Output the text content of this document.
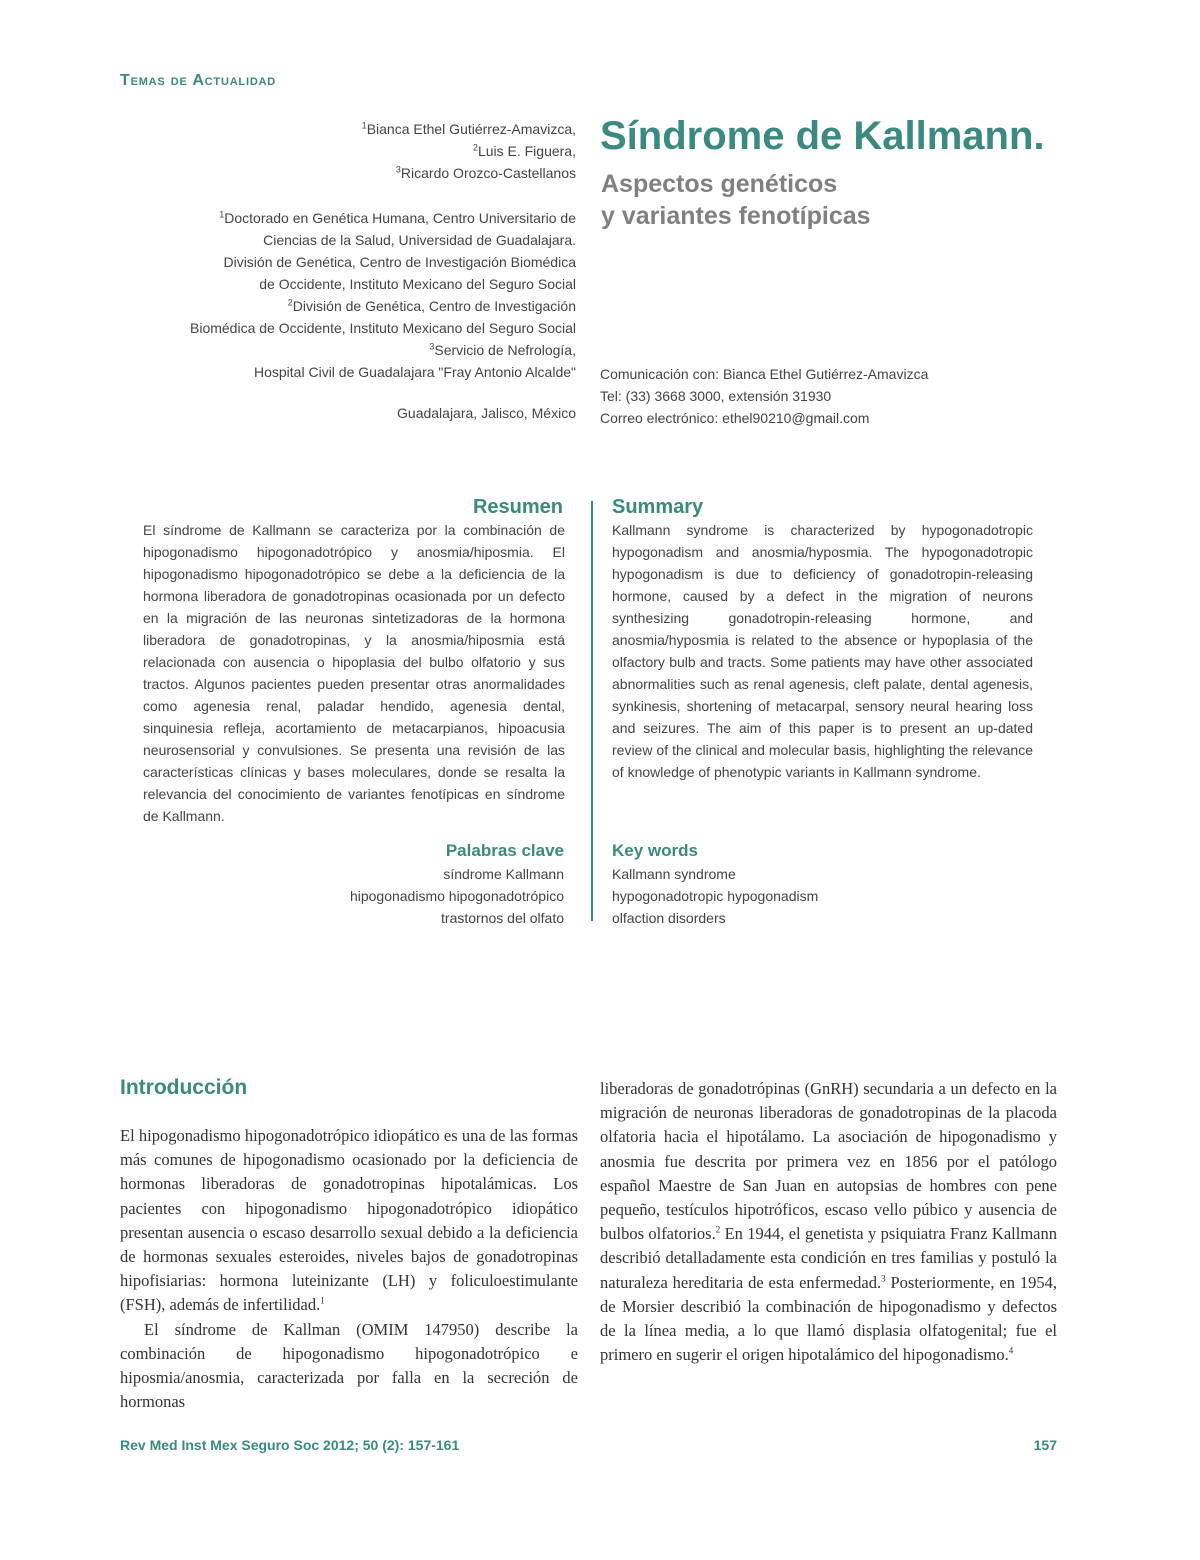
Temas de Actualidad
$^1$Bianca Ethel Gutiérrez-Amavizca,
$^2$Luis E. Figuera,
$^3$Ricardo Orozco-Castellanos
$^1$Doctorado en Genética Humana, Centro Universitario de
Ciencias de la Salud, Universidad de Guadalajara.
División de Genética, Centro de Investigación Biomédica
de Occidente, Instituto Mexicano del Seguro Social
$^2$División de Genética, Centro de Investigación
Biomédica de Occidente, Instituto Mexicano del Seguro Social
$^3$Servicio de Nefrología,
Hospital Civil de Guadalajara "Fray Antonio Alcalde"
Guadalajara, Jalisco, México
Síndrome de Kallmann.
Aspectos genéticos
y variantes fenotípicas
Comunicación con: Bianca Ethel Gutiérrez-Amavizca
Tel: (33) 3668 3000, extensión 31930
Correo electrónico: ethel90210@gmail.com
Resumen Summary
El síndrome de Kallmann se caracteriza por la combinación de hipogonadismo hipogonadotrópico y anosmia/hiposmia. El hipogonadismo hipogonadotrópico se debe a la deficiencia de la hormona liberadora de gonadotropinas ocasionada por un defecto en la migración de las neuronas sintetizadoras de la hormona liberadora de gonadotropinas, y la anosmia/hiposmia está relacionada con ausencia o hipoplasia del bulbo olfatorio y sus tractos. Algunos pacientes pueden presentar otras anormalidades como agenesia renal, paladar hendido, agenesia dental, sinquinesia refleja, acortamiento de metacarpianos, hipoacusia neurosensorial y convulsiones. Se presenta una revisión de las características clínicas y bases moleculares, donde se resalta la relevancia del conocimiento de variantes fenotípicas en síndrome de Kallmann.
Kallmann syndrome is characterized by hypogonadotropic hypogonadism and anosmia/hyposmia. The hypogonadotropic hypogonadism is due to deficiency of gonadotropin-releasing hormone, caused by a defect in the migration of neurons synthesizing gonadotropin-releasing hormone, and anosmia/hyposmia is related to the absence or hypoplasia of the olfactory bulb and tracts. Some patients may have other associated abnormalities such as renal agenesis, cleft palate, dental agenesis, synkinesis, shortening of metacarpal, sensory neural hearing loss and seizures. The aim of this paper is to present an up-dated review of the clinical and molecular basis, highlighting the relevance of knowledge of phenotypic variants in Kallmann syndrome.
Palabras clave
síndrome Kallmann
hipogonadismo hipogonadotrópico
trastornos del olfato
Key words
Kallmann syndrome
hypogonadotropic hypogonadism
olfaction disorders
Introducción

El hipogonadismo hipogonadotrópico idiopático es una de las formas más comunes de hipogonadismo ocasionado por la deficiencia de hormonas liberadoras de gonadotropinas hipotalámicas. Los pacientes con hipogonadismo hipogonadotrópico idiopático presentan ausencia o escaso desarrollo sexual debido a la deficiencia de hormonas sexuales esteroides, niveles bajos de gonadotropinas hipofisiarias: hormona luteinizante (LH) y foliculoestimulante (FSH), además de infertilidad.$^1$

El síndrome de Kallman (OMIM 147950) describe la combinación de hipogonadismo hipogonadotrópico e hiposmia/anosmia, caracterizada por falla en la secreción de hormonas

liberadoras de gonadotrópinas (GnRH) secundaria a un defecto en la migración de neuronas liberadoras de gonadotropinas de la placoda olfatoria hacia el hipotálamo. La asociación de hipogonadismo y anosmia fue descrita por primera vez en 1856 por el patólogo español Maestre de San Juan en autopsias de hombres con pene pequeño, testículos hipotróficos, escaso vello púbico y ausencia de bulbos olfatorios.$^2$ En 1944, el genetista y psiquiatra Franz Kallmann describió detalladamente esta condición en tres familias y postuló la naturaleza hereditaria de esta enfermedad.$^3$ Posteriormente, en 1954, de Morsier describió la combinación de hipogonadismo y defectos de la línea media, a lo que llamó displasia olfatogenital; fue el primero en sugerir el origen hipotalámico del hipogonadismo.$^4$

Rev Med Inst Mex Seguro Soc 2012; 50 (2): 157-161	157
